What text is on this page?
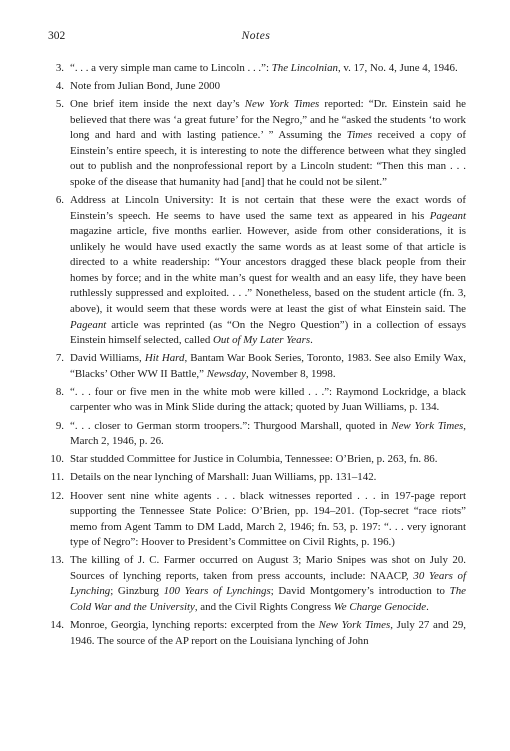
302	Notes
3. “. . . a very simple man came to Lincoln . . .”: The Lincolnian, v. 17, No. 4, June 4, 1946.
4. Note from Julian Bond, June 2000
5. One brief item inside the next day’s New York Times reported: “Dr. Einstein said he believed that there was ‘a great future’ for the Negro,” and he “asked the students ‘to work long and hard and with lasting patience.’ ” Assuming the Times received a copy of Einstein’s entire speech, it is interesting to note the difference between what they singled out to publish and the nonprofessional report by a Lincoln student: “Then this man . . . spoke of the disease that humanity had [and] that he could not be silent.”
6. Address at Lincoln University: It is not certain that these were the exact words of Einstein’s speech. He seems to have used the same text as appeared in his Pageant magazine article, five months earlier. However, aside from other considerations, it is unlikely he would have used exactly the same words as at least some of that article is directed to a white readership: “Your ancestors dragged these black people from their homes by force; and in the white man’s quest for wealth and an easy life, they have been ruthlessly suppressed and exploited. . . .” Nonetheless, based on the student article (fn. 3, above), it would seem that these words were at least the gist of what Einstein said. The Pageant article was reprinted (as “On the Negro Question”) in a collection of essays Einstein himself selected, called Out of My Later Years.
7. David Williams, Hit Hard, Bantam War Book Series, Toronto, 1983. See also Emily Wax, “Blacks’ Other WW II Battle,” Newsday, November 8, 1998.
8. “. . . four or five men in the white mob were killed . . .”: Raymond Lockridge, a black carpenter who was in Mink Slide during the attack; quoted by Juan Williams, p. 134.
9. “. . . closer to German storm troopers.”: Thurgood Marshall, quoted in New York Times, March 2, 1946, p. 26.
10. Star studded Committee for Justice in Columbia, Tennessee: O’Brien, p. 263, fn. 86.
11. Details on the near lynching of Marshall: Juan Williams, pp. 131–142.
12. Hoover sent nine white agents . . . black witnesses reported . . . in 197-page report supporting the Tennessee State Police: O’Brien, pp. 194–201. (Top-secret “race riots” memo from Agent Tamm to DM Ladd, March 2, 1946; fn. 53, p. 197: “. . . very ignorant type of Negro”: Hoover to President’s Committee on Civil Rights, p. 196.)
13. The killing of J. C. Farmer occurred on August 3; Mario Snipes was shot on July 20. Sources of lynching reports, taken from press accounts, include: NAACP, 30 Years of Lynching; Ginzburg 100 Years of Lynchings; David Montgomery’s introduction to The Cold War and the University, and the Civil Rights Congress We Charge Genocide.
14. Monroe, Georgia, lynching reports: excerpted from the New York Times, July 27 and 29, 1946. The source of the AP report on the Louisiana lynching of John
